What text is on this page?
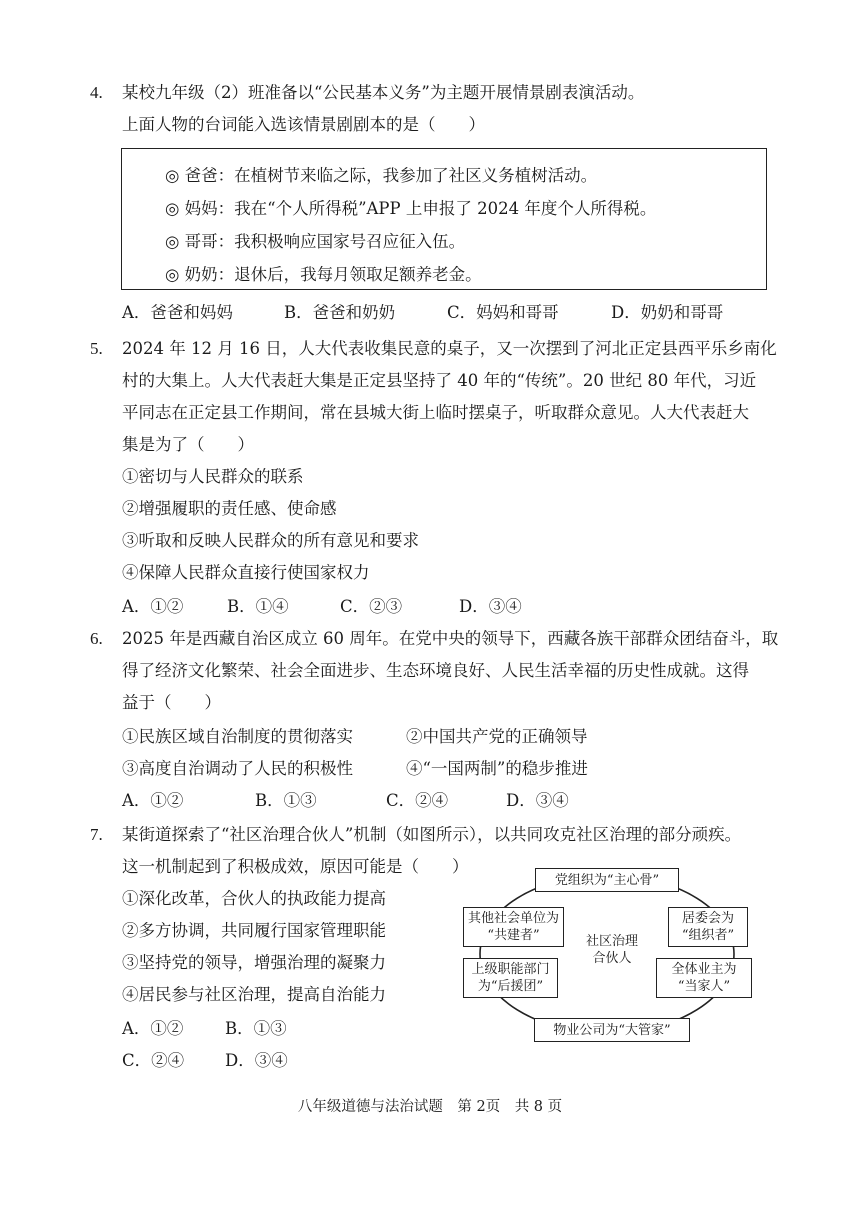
4. 某校九年级（2）班准备以“公民基本义务”为主题开展情景剧表演活动。
上面人物的台词能入选该情景剧剧本的是（　　）
◎ 爸爸：在植树节来临之际，我参加了社区义务植树活动。
◎ 妈妈：我在“个人所得税”APP 上申报了 2024 年度个人所得税。
◎ 哥哥：我积极响应国家号召应征入伍。
◎ 奶奶：退休后，我每月领取足额养老金。
A．爸爸和妈妈	B．爸爸和奶奶	C．妈妈和哥哥	D．奶奶和哥哥
5. 2024 年 12 月 16 日，人大代表收集民意的桌子，又一次摆到了河北正定县西平乐乡南化
村的大集上。人大代表赶大集是正定县坚持了 40 年的“传统”。20 世纪 80 年代，习近
平同志在正定县工作期间，常在县城大街上临时摆桌子，听取群众意见。人大代表赶大
集是为了（　　）
①密切与人民群众的联系
②增强履职的责任感、使命感
③听取和反映人民群众的所有意见和要求
④保障人民群众直接行使国家权力
A．①②	B．①④	C．②③	D．③④
6. 2025 年是西藏自治区成立 60 周年。在党中央的领导下，西藏各族干部群众团结奋斗，取
得了经济文化繁荣、社会全面进步、生态环境良好、人民生活幸福的历史性成就。这得
益于（　　）
①民族区域自治制度的贯彻落实	②中国共产党的正确领导
③高度自治调动了人民的积极性	④“一国两制”的稳步推进
A．①②	B．①③	C．②④	D．③④
7. 某街道探索了“社区治理合伙人”机制（如图所示），以共同攻克社区治理的部分顽疾。
这一机制起到了积极成效，原因可能是（　　）
①深化改革，合伙人的执政能力提高
②多方协调，共同履行国家管理职能
③坚持党的领导，增强治理的凝聚力
④居民参与社区治理，提高自治能力
A．①②	B．①③
C．②④ D．③④
党组织为“主心骨”
其他社会单位为
“共建者”
上级职能部门
为“后援团”
居委会为
“组织者”
全体业主为
“当家人”
物业公司为“大管家”
社区治理
合伙人
八年级道德与法治试题　第 2页　共 8 页
